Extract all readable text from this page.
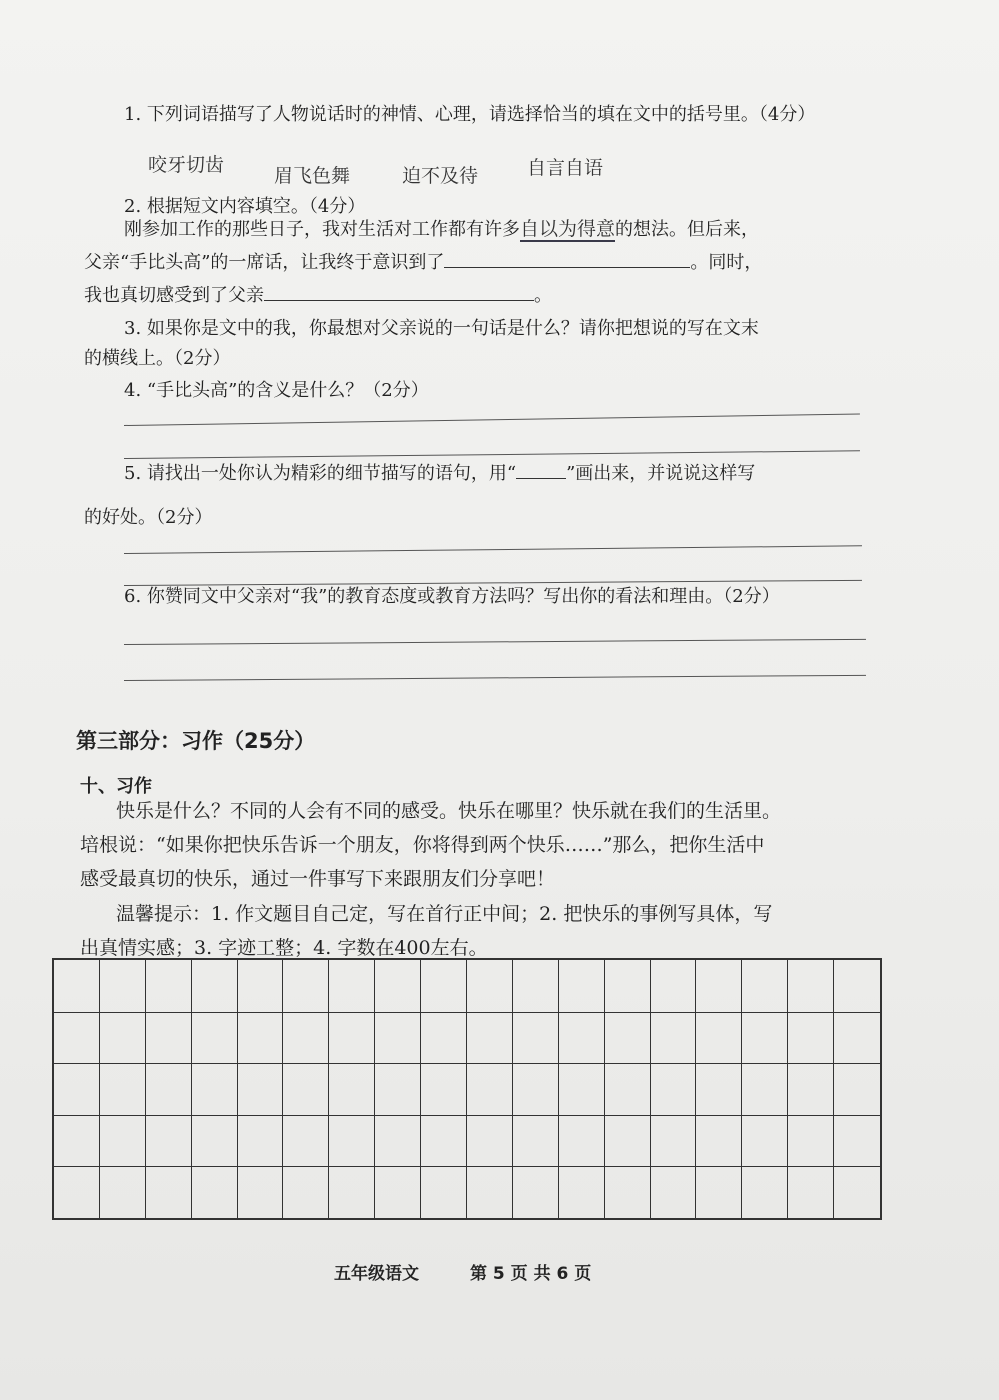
1. 下列词语描写了人物说话时的神情、心理，请选择恰当的填在文中的括号里。（4分）
咬牙切齿	眉飞色舞	迫不及待	自言自语
2. 根据短文内容填空。（4分）
刚参加工作的那些日子，我对生活对工作都有许多自以为得意的想法。但后来，
父亲“手比头高”的一席话，让我终于意识到了	。同时，
我也真切感受到了父亲	。
3. 如果你是文中的我，你最想对父亲说的一句话是什么？请你把想说的写在文末
的横线上。（2分）
4. “手比头高”的含义是什么？（2分）
5. 请找出一处你认为精彩的细节描写的语句，用“	”画出来，并说说这样写
的好处。（2分）
6. 你赞同文中父亲对“我”的教育态度或教育方法吗？写出你的看法和理由。（2分）
第三部分：习作（25分）
十、习作
快乐是什么？不同的人会有不同的感受。快乐在哪里？快乐就在我们的生活里。
培根说：“如果你把快乐告诉一个朋友，你将得到两个快乐……”那么，把你生活中
感受最真切的快乐，通过一件事写下来跟朋友们分享吧！
温馨提示：1. 作文题目自己定，写在首行正中间；2. 把快乐的事例写具体，写
出真情实感；3. 字迹工整；4. 字数在400左右。
五年级语文	第 5 页 共 6 页
